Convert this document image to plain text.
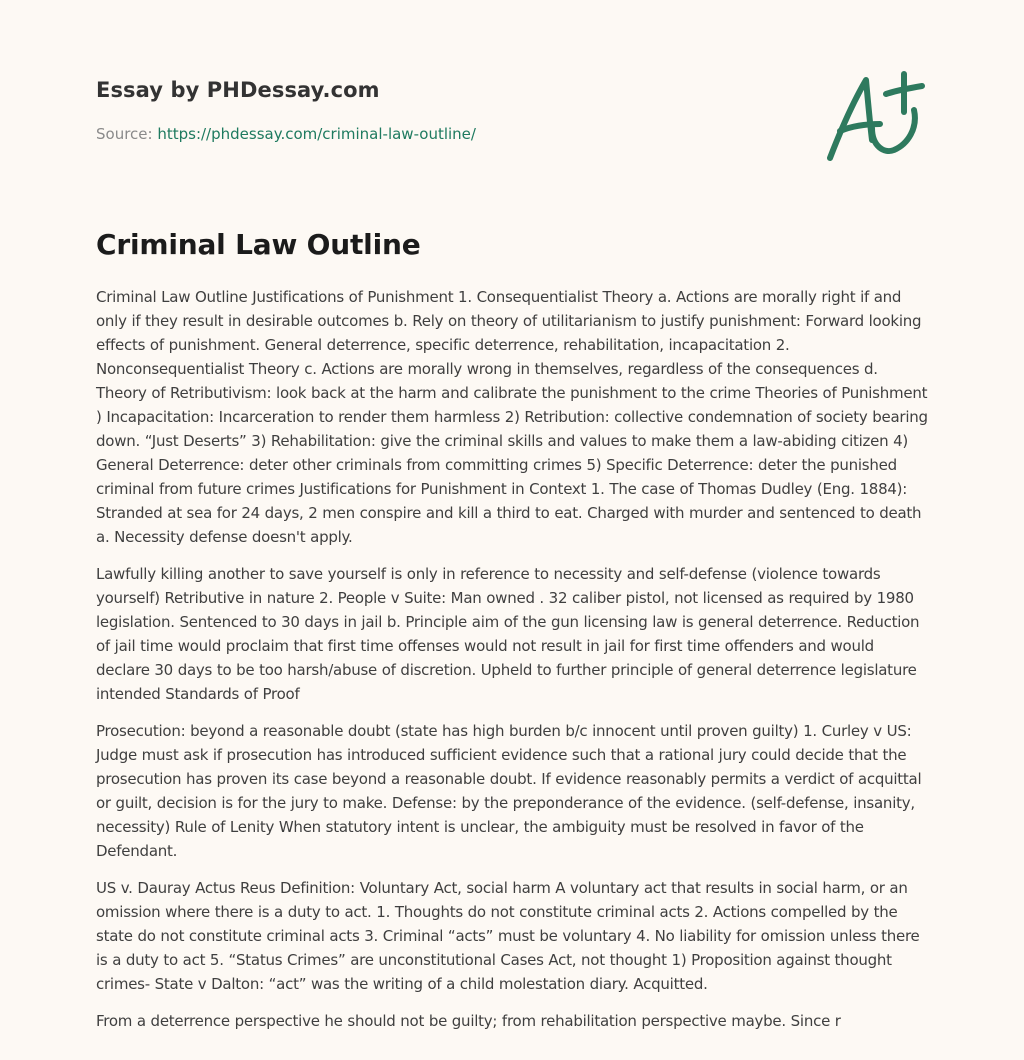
Essay by PHDessay.com
Source: https://phdessay.com/criminal-law-outline/
Criminal Law Outline

Criminal Law Outline Justifications of Punishment 1. Consequentialist Theory a. Actions are morally right if and only if they result in desirable outcomes b. Rely on theory of utilitarianism to justify punishment: Forward looking effects of punishment. General deterrence, specific deterrence, rehabilitation, incapacitation 2. Nonconsequentialist Theory c. Actions are morally wrong in themselves, regardless of the consequences d. Theory of Retributivism: look back at the harm and calibrate the punishment to the crime Theories of Punishment ) Incapacitation: Incarceration to render them harmless 2) Retribution: collective condemnation of society bearing down. “Just Deserts” 3) Rehabilitation: give the criminal skills and values to make them a law-abiding citizen 4) General Deterrence: deter other criminals from committing crimes 5) Specific Deterrence: deter the punished criminal from future crimes Justifications for Punishment in Context 1. The case of Thomas Dudley (Eng. 1884): Stranded at sea for 24 days, 2 men conspire and kill a third to eat. Charged with murder and sentenced to death a. Necessity defense doesn't apply.

Lawfully killing another to save yourself is only in reference to necessity and self-defense (violence towards yourself) Retributive in nature 2. People v Suite: Man owned . 32 caliber pistol, not licensed as required by 1980 legislation. Sentenced to 30 days in jail b. Principle aim of the gun licensing law is general deterrence. Reduction of jail time would proclaim that first time offenses would not result in jail for first time offenders and would declare 30 days to be too harsh/abuse of discretion. Upheld to further principle of general deterrence legislature intended Standards of Proof

Prosecution: beyond a reasonable doubt (state has high burden b/c innocent until proven guilty) 1. Curley v US: Judge must ask if prosecution has introduced sufficient evidence such that a rational jury could decide that the prosecution has proven its case beyond a reasonable doubt. If evidence reasonably permits a verdict of acquittal or guilt, decision is for the jury to make. Defense: by the preponderance of the evidence. (self-defense, insanity, necessity) Rule of Lenity When statutory intent is unclear, the ambiguity must be resolved in favor of the Defendant.

US v. Dauray Actus Reus Definition: Voluntary Act, social harm A voluntary act that results in social harm, or an omission where there is a duty to act. 1. Thoughts do not constitute criminal acts 2. Actions compelled by the state do not constitute criminal acts 3. Criminal “acts” must be voluntary 4. No liability for omission unless there is a duty to act 5. “Status Crimes” are unconstitutional Cases Act, not thought 1) Proposition against thought crimes- State v Dalton: “act” was the writing of a child molestation diary. Acquitted.

From a deterrence perspective he should not be guilty; from rehabilitation perspective maybe. Since r
